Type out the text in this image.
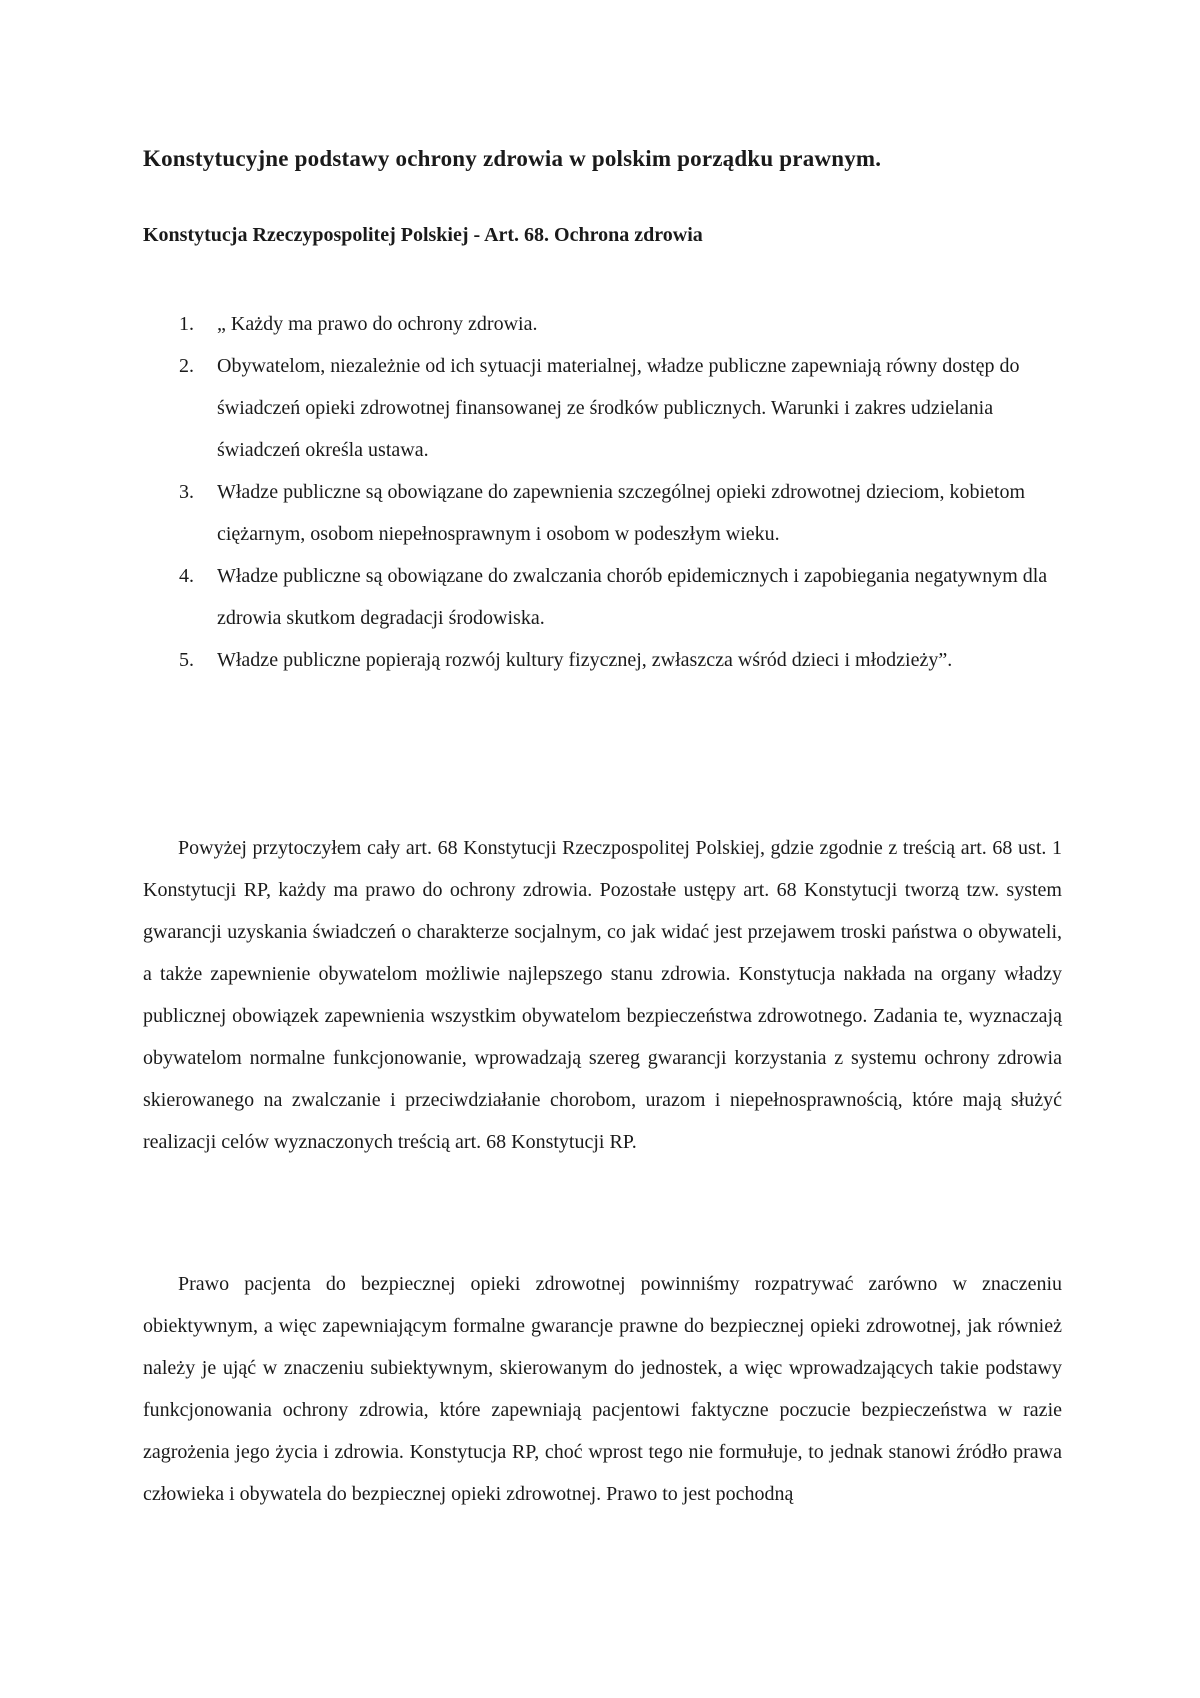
Konstytucyjne podstawy ochrony zdrowia w polskim porządku prawnym.
Konstytucja Rzeczypospolitej Polskiej - Art. 68. Ochrona zdrowia
1. „ Każdy ma prawo do ochrony zdrowia.
2. Obywatelom, niezależnie od ich sytuacji materialnej, władze publiczne zapewniają równy dostęp do świadczeń opieki zdrowotnej finansowanej ze środków publicznych. Warunki i zakres udzielania świadczeń określa ustawa.
3. Władze publiczne są obowiązane do zapewnienia szczególnej opieki zdrowotnej dzieciom, kobietom ciężarnym, osobom niepełnosprawnym i osobom w podeszłym wieku.
4. Władze publiczne są obowiązane do zwalczania chorób epidemicznych i zapobiegania negatywnym dla zdrowia skutkom degradacji środowiska.
5. Władze publiczne popierają rozwój kultury fizycznej, zwłaszcza wśród dzieci i młodzieży”.

Powyżej przytoczyłem cały art. 68 Konstytucji Rzeczpospolitej Polskiej, gdzie zgodnie z treścią art. 68 ust. 1 Konstytucji RP, każdy ma prawo do ochrony zdrowia. Pozostałe ustępy art. 68 Konstytucji tworzą tzw. system gwarancji uzyskania świadczeń o charakterze socjalnym, co jak widać jest przejawem troski państwa o obywateli, a także zapewnienie obywatelom możliwie najlepszego stanu zdrowia. Konstytucja nakłada na organy władzy publicznej obowiązek zapewnienia wszystkim obywatelom bezpieczeństwa zdrowotnego. Zadania te, wyznaczają obywatelom normalne funkcjonowanie, wprowadzają szereg gwarancji korzystania z systemu ochrony zdrowia skierowanego na zwalczanie i przeciwdziałanie chorobom, urazom i niepełnosprawnością, które mają służyć realizacji celów wyznaczonych treścią art. 68 Konstytucji RP.

Prawo pacjenta do bezpiecznej opieki zdrowotnej powinniśmy rozpatrywać zarówno w znaczeniu obiektywnym, a więc zapewniającym formalne gwarancje prawne do bezpiecznej opieki zdrowotnej, jak również należy je ująć w znaczeniu subiektywnym, skierowanym do jednostek, a więc wprowadzających takie podstawy funkcjonowania ochrony zdrowia, które zapewniają pacjentowi faktyczne poczucie bezpieczeństwa w razie zagrożenia jego życia i zdrowia. Konstytucja RP, choć wprost tego nie formułuje, to jednak stanowi źródło prawa człowieka i obywatela do bezpiecznej opieki zdrowotnej. Prawo to jest pochodną
